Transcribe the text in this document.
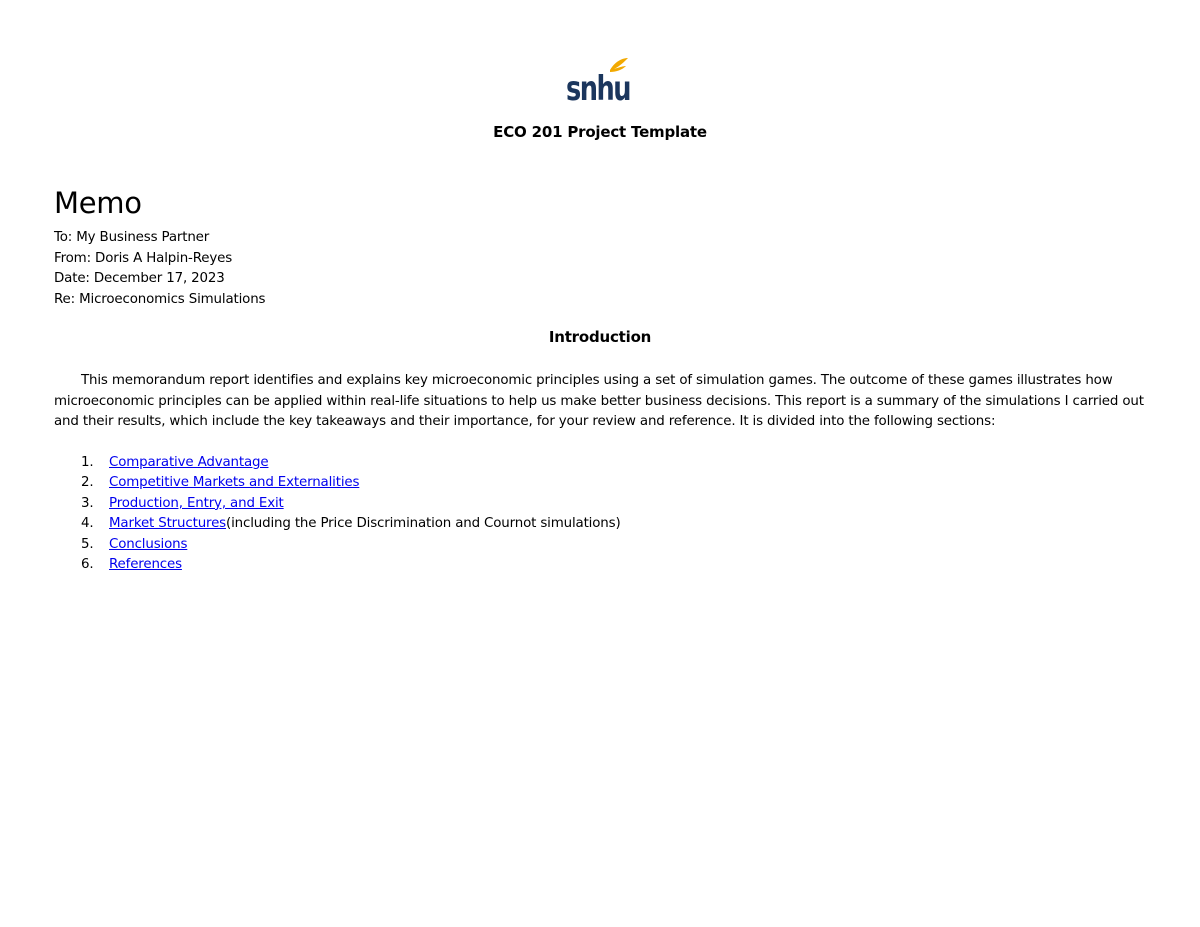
snhu
ECO 201 Project Template
Memo
To: My Business Partner
From: Doris A Halpin-Reyes
Date: December 17, 2023
Re: Microeconomics Simulations
Introduction

This memorandum report identifies and explains key microeconomic principles using a set of simulation games. The outcome of these games illustrates how microeconomic principles can be applied within real-life situations to help us make better business decisions. This report is a summary of the simulations I carried out and their results, which include the key takeaways and their importance, for your review and reference. It is divided into the following sections:

1.	Comparative Advantage
2.	Competitive Markets and Externalities
3.	Production, Entry, and Exit
4.	Market Structures (including the Price Discrimination and Cournot simulations)
5.	Conclusions
6.	References
